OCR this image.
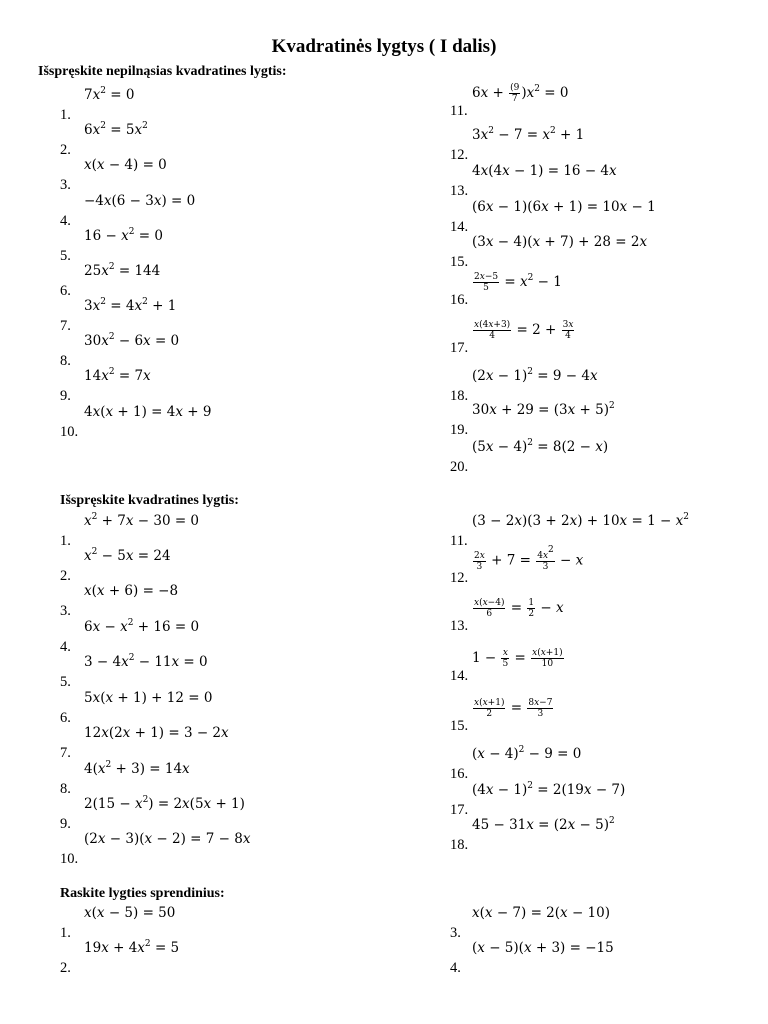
Kvadratinės lygtys ( I dalis)
Išspręskite nepilnąsias kvadratines lygtis:
$7x^2 = 0$
1.
$6x^2 = 5x^2$
2.
x(x − 4) = 0
3.
−4x(6 − 3x) = 0
4.
$16 - x^2 = 0$
5.
$25x^2 = 144$
6.
$3x^2 = 4x^2 + 1$
7.
$30x^2 - 6x = 0$
8.
$14x^2 = 7x$
9.
4x(x + 1) = 4x + 9
10.
$6x + \frac{(9}{7} )x^2 = 0$
11.
$3x^2 - 7 = x^2 + 1$
12.
4x(4x − 1) = 16 − 4x
13.
(6x − 1)(6x + 1) = 10x − 1
14.
(3x − 4)(x + 7) + 28 = 2x
15.
$\frac{2x-5}{5} = x^2 - 1$
16.
$\frac{x(4x+3)}{4} = 2 + \frac{3x}{4}$
17.
$(2x - 1)^2 = 9 - 4x$
18.
$30x + 29 = (3x + 5)^2$
19.
$(5x - 4)^2 = 8(2 - x)$
20.
Išspręskite kvadratines lygtis:
$x^2 + 7x - 30 = 0$
1.
$x^2 - 5x = 24$
2.
x(x + 6) = −8
3.
$6x - x^2 + 16 = 0$
4.
$3 - 4x^2 - 11x = 0$
5.
5x(x + 1) + 12 = 0
6.
12x(2x + 1) = 3 − 2x
7.
$4(x^2 + 3) = 14x$
8.
$2(15 - x^2) = 2x(5x + 1)$
9.
(2x − 3)(x − 2) = 7 − 8x
10.
$(3 - 2x)(3 + 2x) + 10x = 1 - x^2$
11.
$\frac{2x}{3} + 7 = \frac{4x^2}{3} - x$
12.
$\frac{x(x-4)}{6} = \frac{1}{2} - x$
13.
$1 - \frac{x}{5} = \frac{x(x+1)}{10}$
14.
$\frac{x(x+1)}{2} = \frac{8x-7}{3}$
15.
$(x - 4)^2 - 9 = 0$
16.
$(4x - 1)^2 = 2(19x - 7)$
17.
$45 - 31x = (2x - 5)^2$
18.
Raskite lygties sprendinius:
x(x − 5) = 50
1.
$19x + 4x^2 = 5$
2.
x(x − 7) = 2(x − 10)
3.
(x − 5)(x + 3) = −15
4.
